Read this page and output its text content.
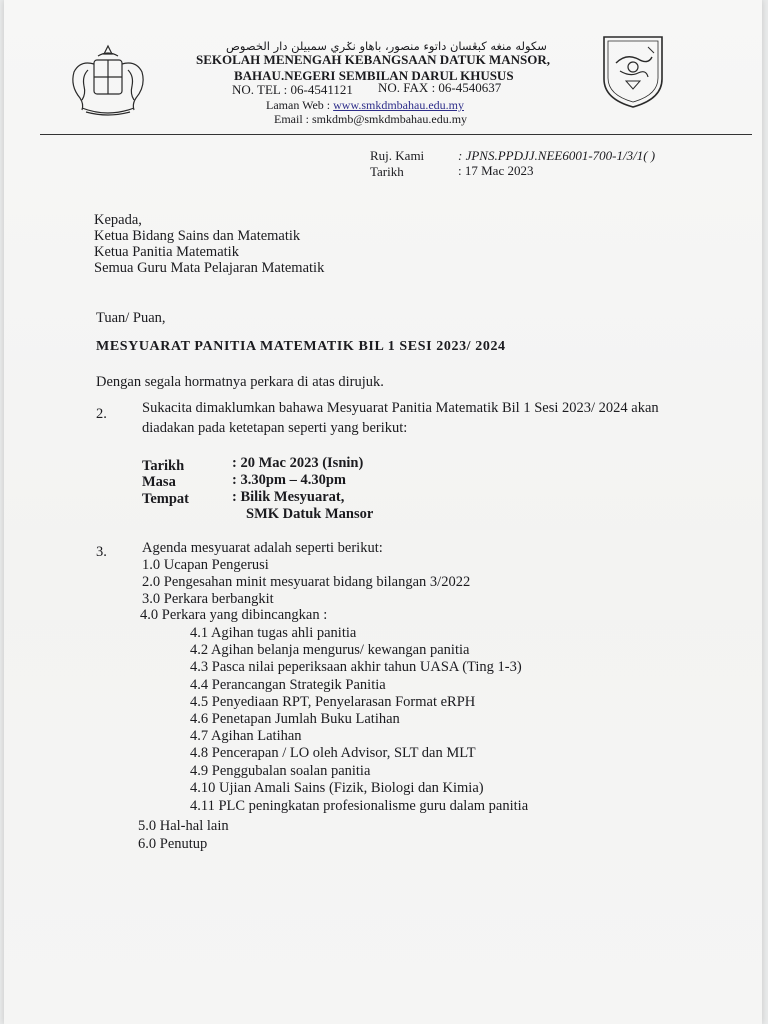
سكوله منغه كبڠسان داتوء منصور، باهاو نݢري سمبيلن دار الخصوص
SEKOLAH MENENGAH KEBANGSAAN DATUK MANSOR,
BAHAU.NEGERI SEMBILAN DARUL KHUSUS
NO. TEL : 06-4541121 NO. FAX : 06-4540637
Laman Web : www.smkdmbahau.edu.my
Email : smkdmb@smkdmbahau.edu.my
Ruj. Kami	: JPNS.PPDJJ.NEE6001-700-1/3/1( )
Tarikh	: 17 Mac 2023
Kepada,
Ketua Bidang Sains dan Matematik
Ketua Panitia Matematik
Semua Guru Mata Pelajaran Matematik
Tuan/ Puan,
MESYUARAT PANITIA MATEMATIK BIL 1 SESI 2023/ 2024
Dengan segala hormatnya perkara di atas dirujuk.
2. Sukacita dimaklumkan bahawa Mesyuarat Panitia Matematik Bil 1 Sesi 2023/ 2024 akan
diadakan pada ketetapan seperti yang berikut:
Tarikh	: 20 Mac 2023 (Isnin)
Masa	: 3.30pm – 4.30pm
Tempat	: Bilik Mesyuarat,
SMK Datuk Mansor
3. Agenda mesyuarat adalah seperti berikut:
1.0 Ucapan Pengerusi
2.0 Pengesahan minit mesyuarat bidang bilangan 3/2022
3.0 Perkara berbangkit
4.0 Perkara yang dibincangkan :
4.1 Agihan tugas ahli panitia
4.2 Agihan belanja mengurus/ kewangan panitia
4.3 Pasca nilai peperiksaan akhir tahun UASA (Ting 1-3)
4.4 Perancangan Strategik Panitia
4.5 Penyediaan RPT, Penyelarasan Format eRPH
4.6 Penetapan Jumlah Buku Latihan
4.7 Agihan Latihan
4.8 Pencerapan / LO oleh Advisor, SLT dan MLT
4.9 Penggubalan soalan panitia
4.10 Ujian Amali Sains (Fizik, Biologi dan Kimia)
4.11 PLC peningkatan profesionalisme guru dalam panitia
5.0 Hal-hal lain
6.0 Penutup
